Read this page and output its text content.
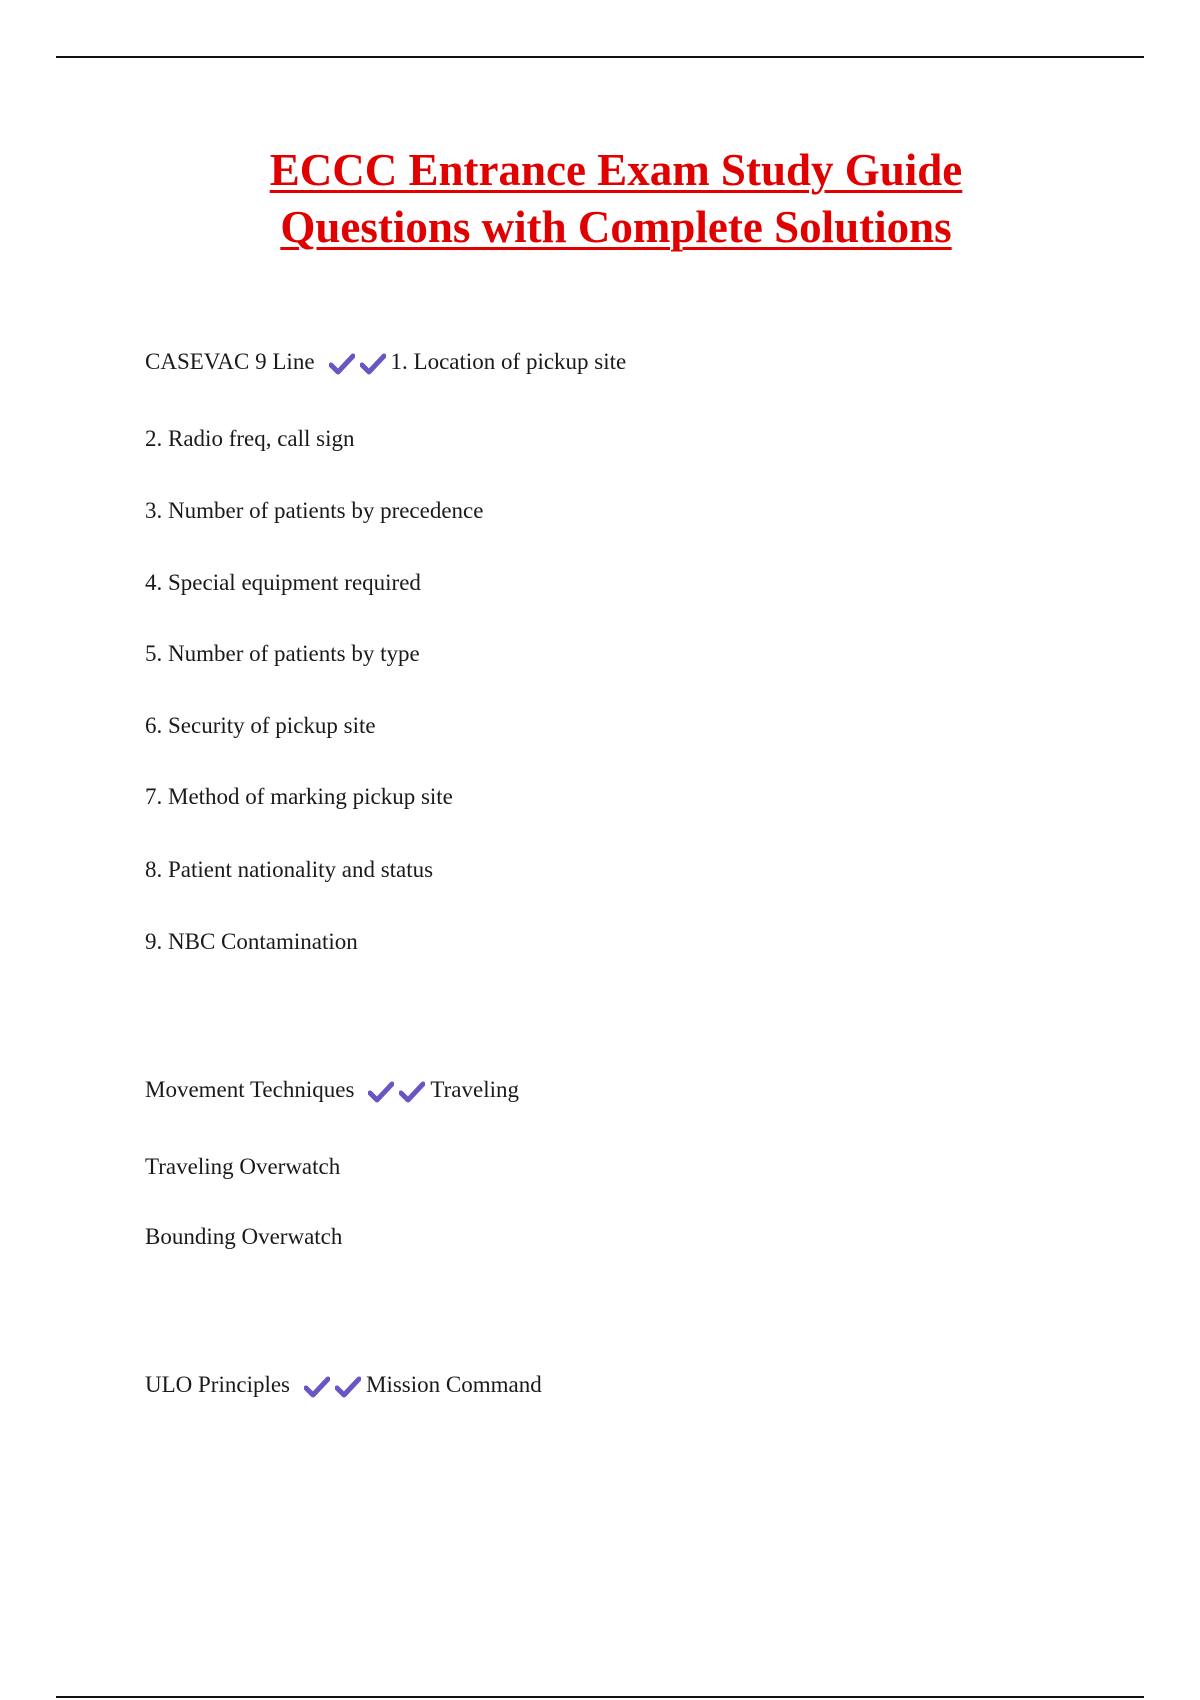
ECCC Entrance Exam Study Guide
Questions with Complete Solutions
CASEVAC 9 Line	1. Location of pickup site
2. Radio freq, call sign
3. Number of patients by precedence
4. Special equipment required
5. Number of patients by type
6. Security of pickup site
7. Method of marking pickup site
8. Patient nationality and status
9. NBC Contamination
Movement Techniques	Traveling
Traveling Overwatch
Bounding Overwatch
ULO Principles	Mission Command
